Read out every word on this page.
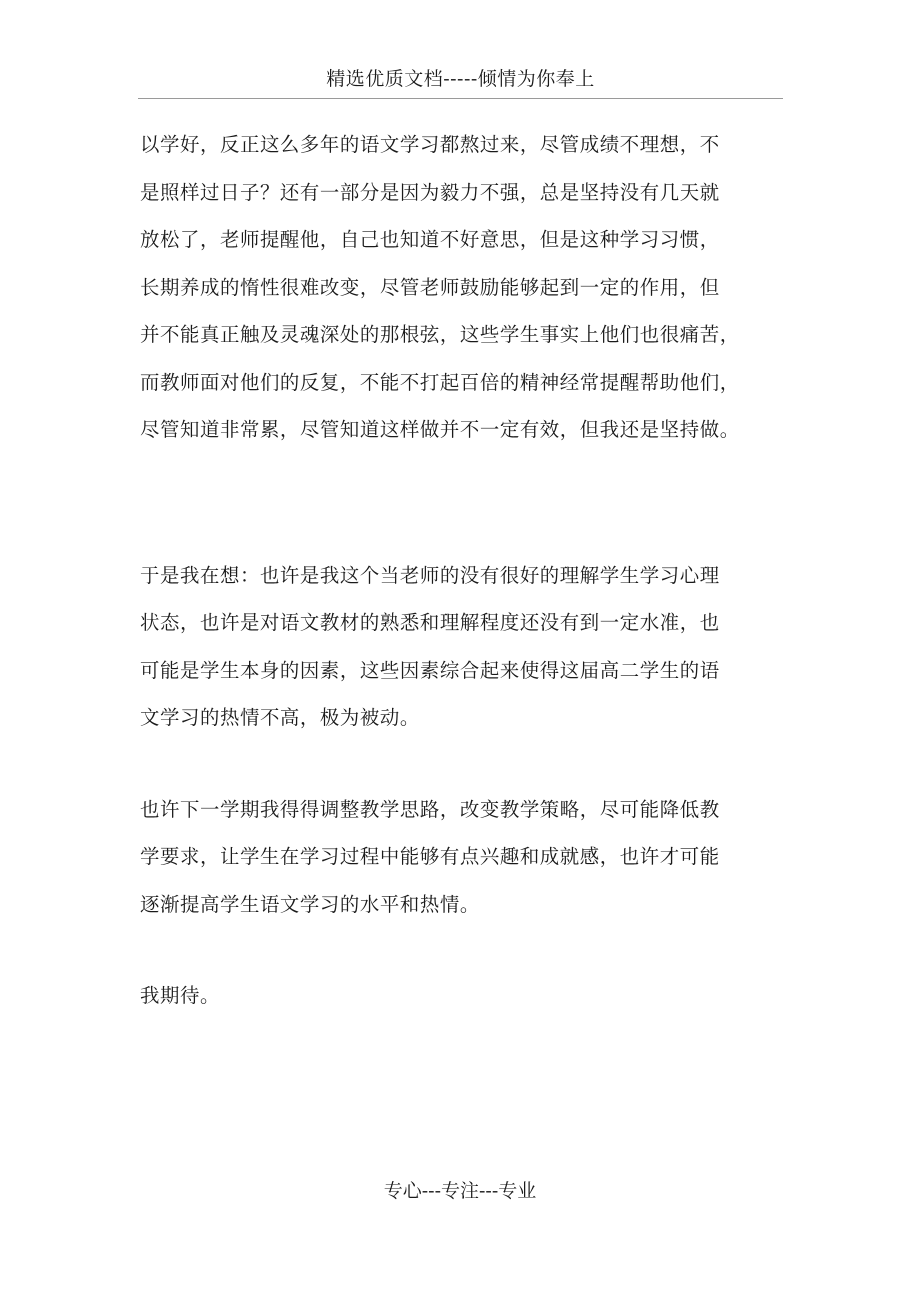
精选优质文档-----倾情为你奉上
以学好，反正这么多年的语文学习都熬过来，尽管成绩不理想，不
是照样过日子？还有一部分是因为毅力不强，总是坚持没有几天就
放松了，老师提醒他，自己也知道不好意思，但是这种学习习惯，
长期养成的惰性很难改变，尽管老师鼓励能够起到一定的作用，但
并不能真正触及灵魂深处的那根弦，这些学生事实上他们也很痛苦，
而教师面对他们的反复，不能不打起百倍的精神经常提醒帮助他们，
尽管知道非常累，尽管知道这样做并不一定有效，但我还是坚持做。
于是我在想：也许是我这个当老师的没有很好的理解学生学习心理
状态，也许是对语文教材的熟悉和理解程度还没有到一定水准，也
可能是学生本身的因素，这些因素综合起来使得这届高二学生的语
文学习的热情不高，极为被动。
也许下一学期我得得调整教学思路，改变教学策略，尽可能降低教
学要求，让学生在学习过程中能够有点兴趣和成就感，也许才可能
逐渐提高学生语文学习的水平和热情。
我期待。
专心---专注---专业
